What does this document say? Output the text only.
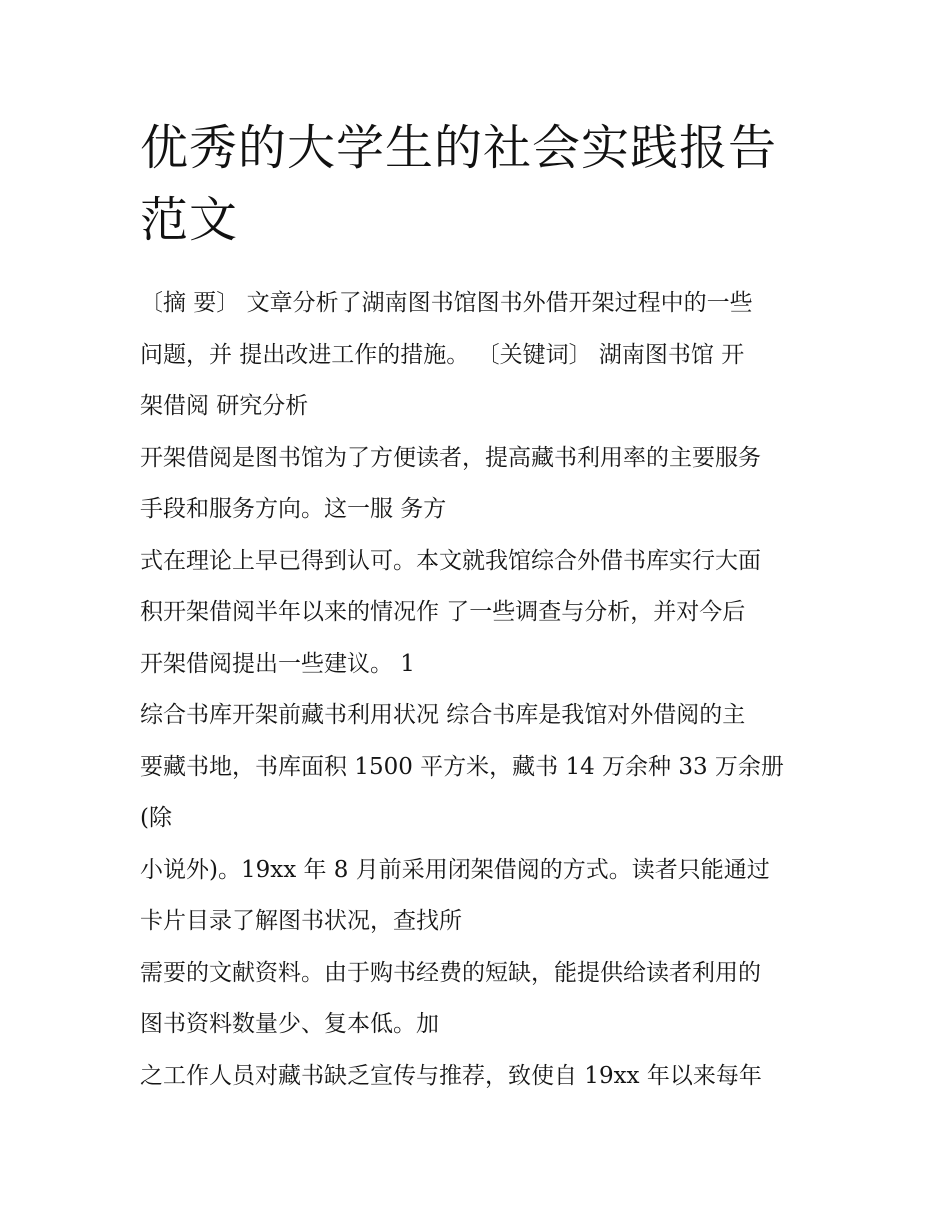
优秀的大学生的社会实践报告
范文

〔摘 要〕 文章分析了湖南图书馆图书外借开架过程中的一些

问题，并 提出改进工作的措施。 〔关键词〕 湖南图书馆 开

架借阅 研究分析

开架借阅是图书馆为了方便读者，提高藏书利用率的主要服务

手段和服务方向。这一服 务方

式在理论上早已得到认可。本文就我馆综合外借书库实行大面

积开架借阅半年以来的情况作 了一些调查与分析，并对今后

开架借阅提出一些建议。 1

综合书库开架前藏书利用状况 综合书库是我馆对外借阅的主

要藏书地，书库面积 1500 平方米，藏书 14 万余种 33 万余册

(除

小说外)。19xx 年 8 月前采用闭架借阅的方式。读者只能通过

卡片目录了解图书状况，查找所

需要的文献资料。由于购书经费的短缺，能提供给读者利用的

图书资料数量少、复本低。加

之工作人员对藏书缺乏宣传与推荐，致使自 19xx 年以来每年
